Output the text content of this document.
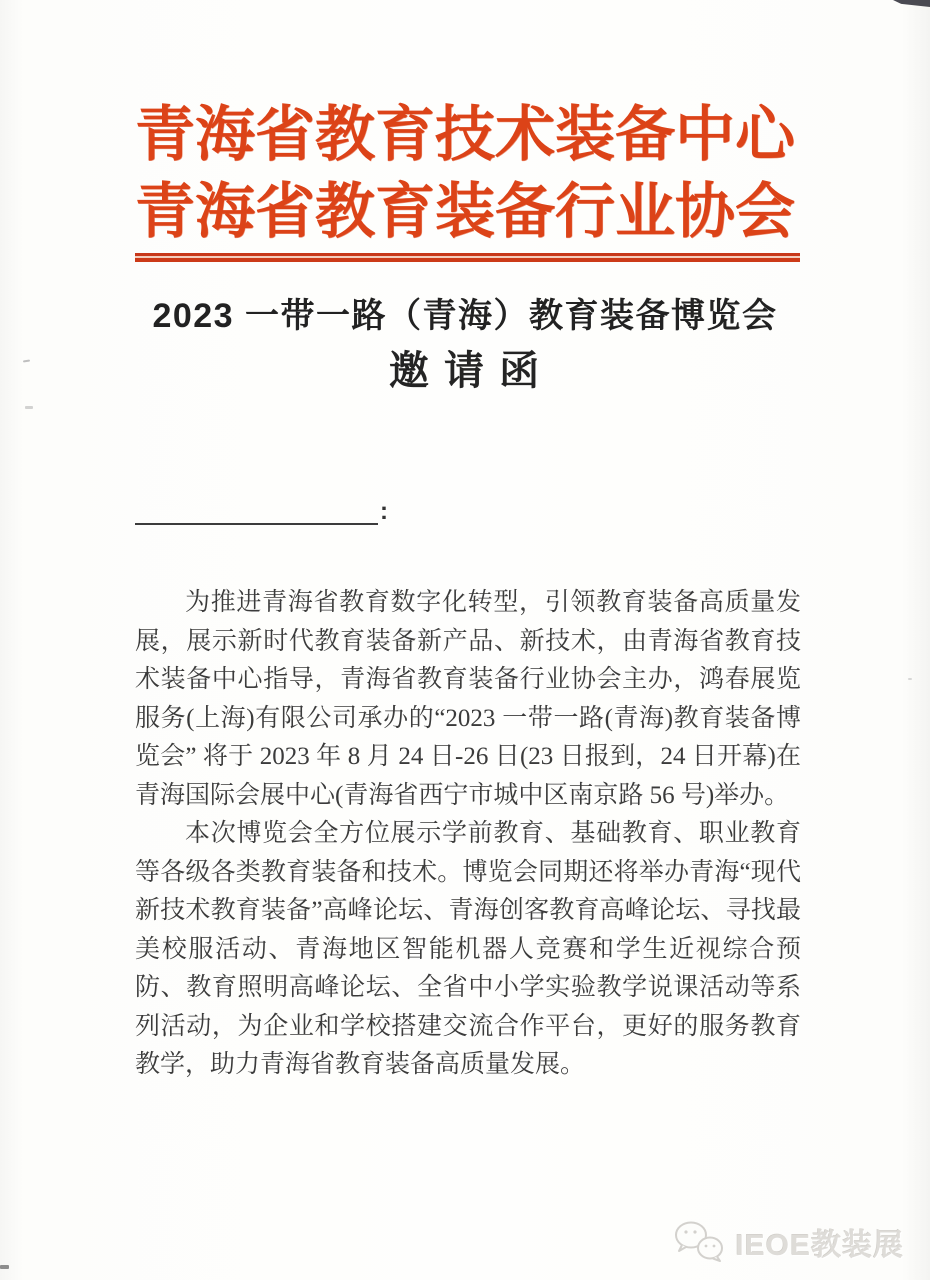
青海省教育技术装备中心
青海省教育装备行业协会
2023 一带一路（青海）教育装备博览会
邀 请 函
:

为推进青海省教育数字化转型，引领教育装备高质量发展，展示新时代教育装备新产品、新技术，由青海省教育技术装备中心指导，青海省教育装备行业协会主办，鸿春展览服务(上海)有限公司承办的“2023 一带一路(青海)教育装备博览会” 将于 2023 年 8 月 24 日-26 日(23 日报到，24 日开幕)在青海国际会展中心(青海省西宁市城中区南京路 56 号)举办。

本次博览会全方位展示学前教育、基础教育、职业教育等各级各类教育装备和技术。博览会同期还将举办青海“现代新技术教育装备”高峰论坛、青海创客教育高峰论坛、寻找最美校服活动、青海地区智能机器人竞赛和学生近视综合预防、教育照明高峰论坛、全省中小学实验教学说课活动等系列活动，为企业和学校搭建交流合作平台，更好的服务教育教学，助力青海省教育装备高质量发展。

IEOE教装展
